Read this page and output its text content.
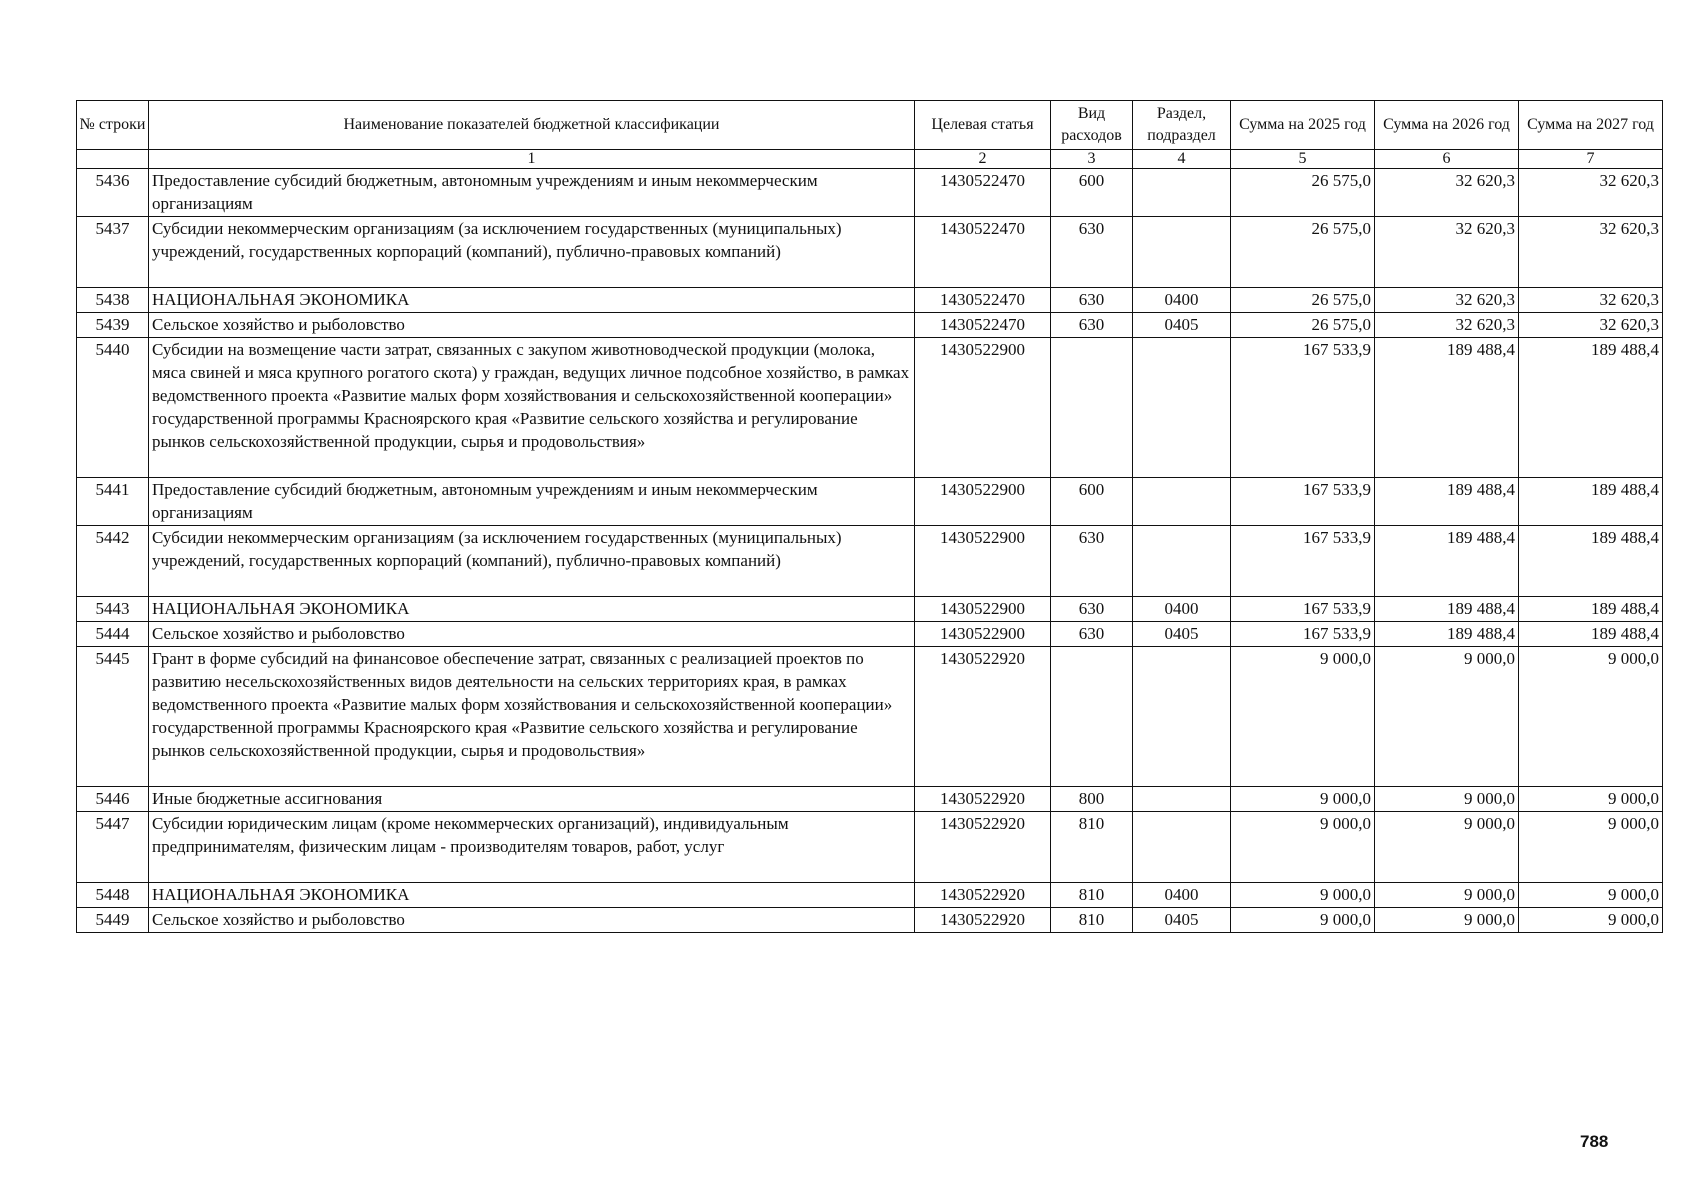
№ строки	Наименование показателей бюджетной классификации	Целевая статья	Вид расходов	Раздел, подраздел	Сумма на 2025 год	Сумма на 2026 год	Сумма на 2027 год
	1	2	3	4	5	6	7
5436	Предоставление субсидий бюджетным, автономным учреждениям и иным некоммерческим организациям	1430522470	600		26 575,0	32 620,3	32 620,3
5437	Субсидии некоммерческим организациям (за исключением государственных (муниципальных) учреждений, государственных корпораций (компаний), публично-правовых компаний)	1430522470	630		26 575,0	32 620,3	32 620,3
5438	НАЦИОНАЛЬНАЯ ЭКОНОМИКА	1430522470	630	0400	26 575,0	32 620,3	32 620,3
5439	Сельское хозяйство и рыболовство	1430522470	630	0405	26 575,0	32 620,3	32 620,3
5440	Субсидии на возмещение части затрат, связанных с закупом животноводческой продукции (молока, мяса свиней и мяса крупного рогатого скота) у граждан, ведущих личное подсобное хозяйство, в рамках ведомственного проекта «Развитие малых форм хозяйствования и сельскохозяйственной кооперации» государственной программы Красноярского края «Развитие сельского хозяйства и регулирование рынков сельскохозяйственной продукции, сырья и продовольствия»	1430522900			167 533,9	189 488,4	189 488,4
5441	Предоставление субсидий бюджетным, автономным учреждениям и иным некоммерческим организациям	1430522900	600		167 533,9	189 488,4	189 488,4
5442	Субсидии некоммерческим организациям (за исключением государственных (муниципальных) учреждений, государственных корпораций (компаний), публично-правовых компаний)	1430522900	630		167 533,9	189 488,4	189 488,4
5443	НАЦИОНАЛЬНАЯ ЭКОНОМИКА	1430522900	630	0400	167 533,9	189 488,4	189 488,4
5444	Сельское хозяйство и рыболовство	1430522900	630	0405	167 533,9	189 488,4	189 488,4
5445	Грант в форме субсидий на финансовое обеспечение затрат, связанных с реализацией проектов по развитию несельскохозяйственных видов деятельности на сельских территориях края, в рамках ведомственного проекта «Развитие малых форм хозяйствования и сельскохозяйственной кооперации» государственной программы Красноярского края «Развитие сельского хозяйства и регулирование рынков сельскохозяйственной продукции, сырья и продовольствия»	1430522920			9 000,0	9 000,0	9 000,0
5446	Иные бюджетные ассигнования	1430522920	800		9 000,0	9 000,0	9 000,0
5447	Субсидии юридическим лицам (кроме некоммерческих организаций), индивидуальным предпринимателям, физическим лицам - производителям товаров, работ, услуг	1430522920	810		9 000,0	9 000,0	9 000,0
5448	НАЦИОНАЛЬНАЯ ЭКОНОМИКА	1430522920	810	0400	9 000,0	9 000,0	9 000,0
5449	Сельское хозяйство и рыболовство	1430522920	810	0405	9 000,0	9 000,0	9 000,0
788
